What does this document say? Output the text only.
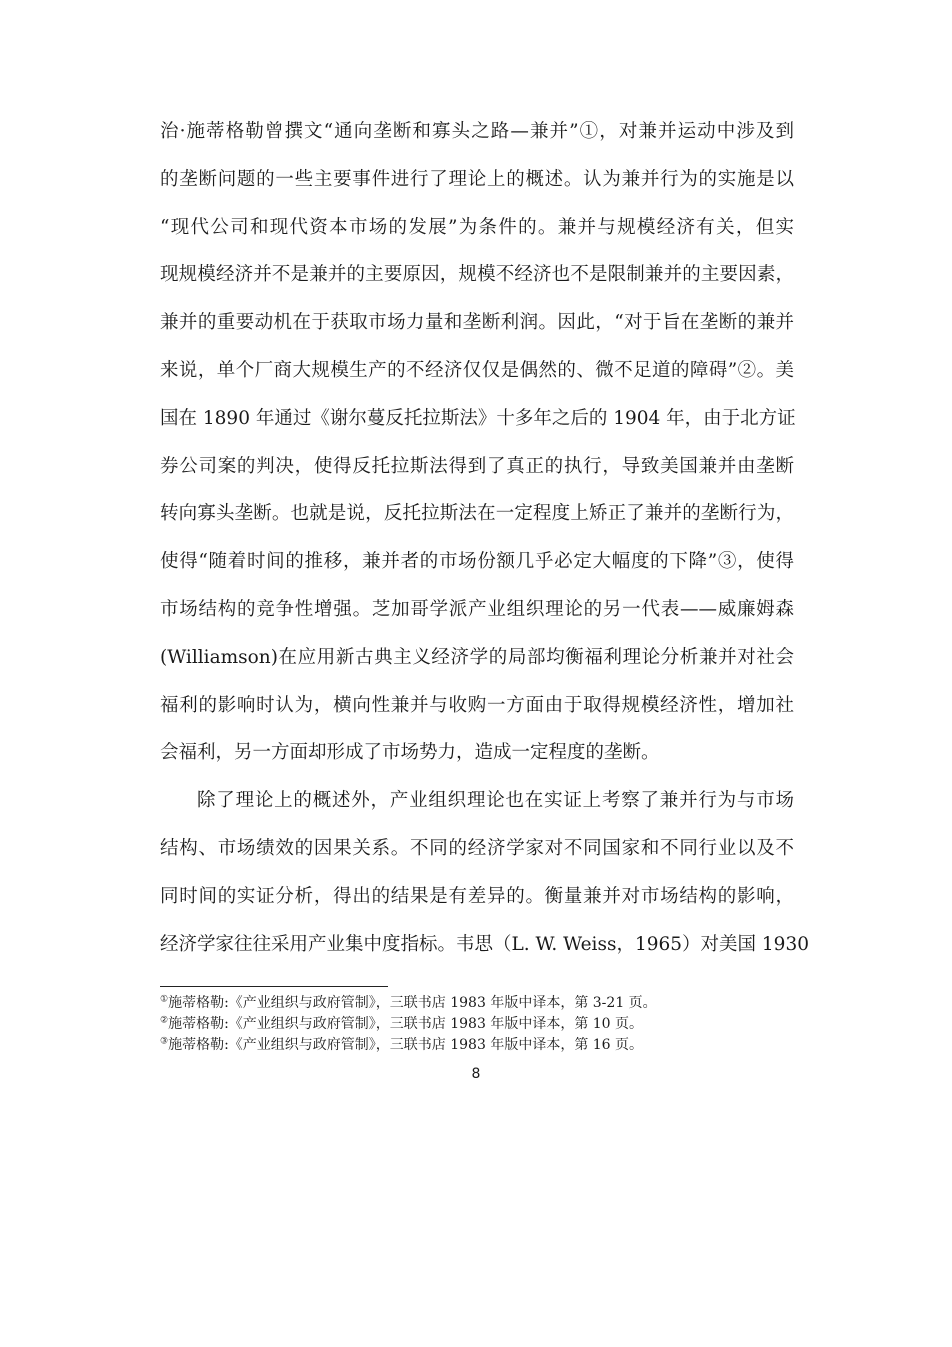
治·施蒂格勒曾撰文“通向垄断和寡头之路—兼并”①，对兼并运动中涉及到
的垄断问题的一些主要事件进行了理论上的概述。认为兼并行为的实施是以
“现代公司和现代资本市场的发展”为条件的。兼并与规模经济有关，但实
现规模经济并不是兼并的主要原因，规模不经济也不是限制兼并的主要因素，
兼并的重要动机在于获取市场力量和垄断利润。因此，“对于旨在垄断的兼并
来说，单个厂商大规模生产的不经济仅仅是偶然的、微不足道的障碍”②。美
国在 1890 年通过《谢尔蔓反托拉斯法》十多年之后的 1904 年，由于北方证
券公司案的判决，使得反托拉斯法得到了真正的执行，导致美国兼并由垄断
转向寡头垄断。也就是说，反托拉斯法在一定程度上矫正了兼并的垄断行为，
使得“随着时间的推移，兼并者的市场份额几乎必定大幅度的下降”③，使得
市场结构的竞争性增强。芝加哥学派产业组织理论的另一代表——威廉姆森
(Williamson)在应用新古典主义经济学的局部均衡福利理论分析兼并对社会
福利的影响时认为，横向性兼并与收购一方面由于取得规模经济性，增加社
会福利，另一方面却形成了市场势力，造成一定程度的垄断。
除了理论上的概述外，产业组织理论也在实证上考察了兼并行为与市场
结构、市场绩效的因果关系。不同的经济学家对不同国家和不同行业以及不
同时间的实证分析，得出的结果是有差异的。衡量兼并对市场结构的影响，
经济学家往往采用产业集中度指标。韦思（L. W. Weiss，1965）对美国 1930
①施蒂格勒:《产业组织与政府管制》，三联书店 1983 年版中译本，第 3-21 页。
②施蒂格勒:《产业组织与政府管制》，三联书店 1983 年版中译本，第 10 页。
③施蒂格勒:《产业组织与政府管制》，三联书店 1983 年版中译本，第 16 页。
8
